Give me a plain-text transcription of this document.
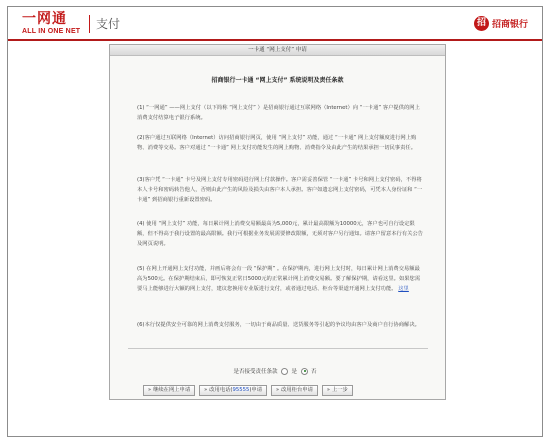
一网通
ALL IN ONE NET
支付	招 招商银行
一卡通 “网上支付” 申请
招商银行一卡通 “网上支付” 系统说明及责任条款
(1) “一网通” ——网上支付（以下简称 “网上支付” ）是招商银行通过互联网络（Internet）向 “一卡通” 客户提供的网上消费支付结算电子银行系统。
(2)客户通过互联网络（Internet）访问招商银行网页，使用 “网上支付” 功能，通过 “一卡通” 网上支付额度进行网上购物、消费等交易。客户对通过 “一卡通” 网上支付功能发生的网上购物、消费指令及由此产生的结果承担一切民事责任。
(3)客户凭 “一卡通” 卡号及网上支付专用密码进行网上付款操作。客户需妥善保管 “一卡通” 卡号和网上支付密码，不得将本人卡号和密码转告他人，否则由此产生的风险及损失由客户本人承担。客户如遗忘网上支付密码，可凭本人身份证和 “一卡通” 到招商银行重新设置密码。
(4) 使用 “网上支付” 功能，每日累计网上消费交易额最高为5,000元，累计最高限额为10000元，客户也可自行设定限额，但不得高于我行设置的最高限额。我行可根据业务发展需要修改限额，无须对客户另行通知。请客户留意本行有关公告及网页说明。
(5) 在网上开通网上支付功能，并画后将会有一段 “保护期” 。在保护期内，进行网上支付时，每日累计网上消费交易额最高为500元。在保护期结束后，即可恢复正常日5000元的正常累计网上消费交易额。要了解保护期，请看这里。如果您需要马上能够进行大额的网上支付，建议您换用专业版进行支付，或者通过电话、柜台等渠道开通网上支付功能。 这里
(6)本行仅提供安全可靠的网上消费支付服务，一切由于商品质量、送货服务等引起的争议均由客户及商户自行协商解决。
是否接受责任条款	是	否
» 继续在网上申请	» 改用电话( 95555 )申请	» 改用柜台申请	» 上一步
